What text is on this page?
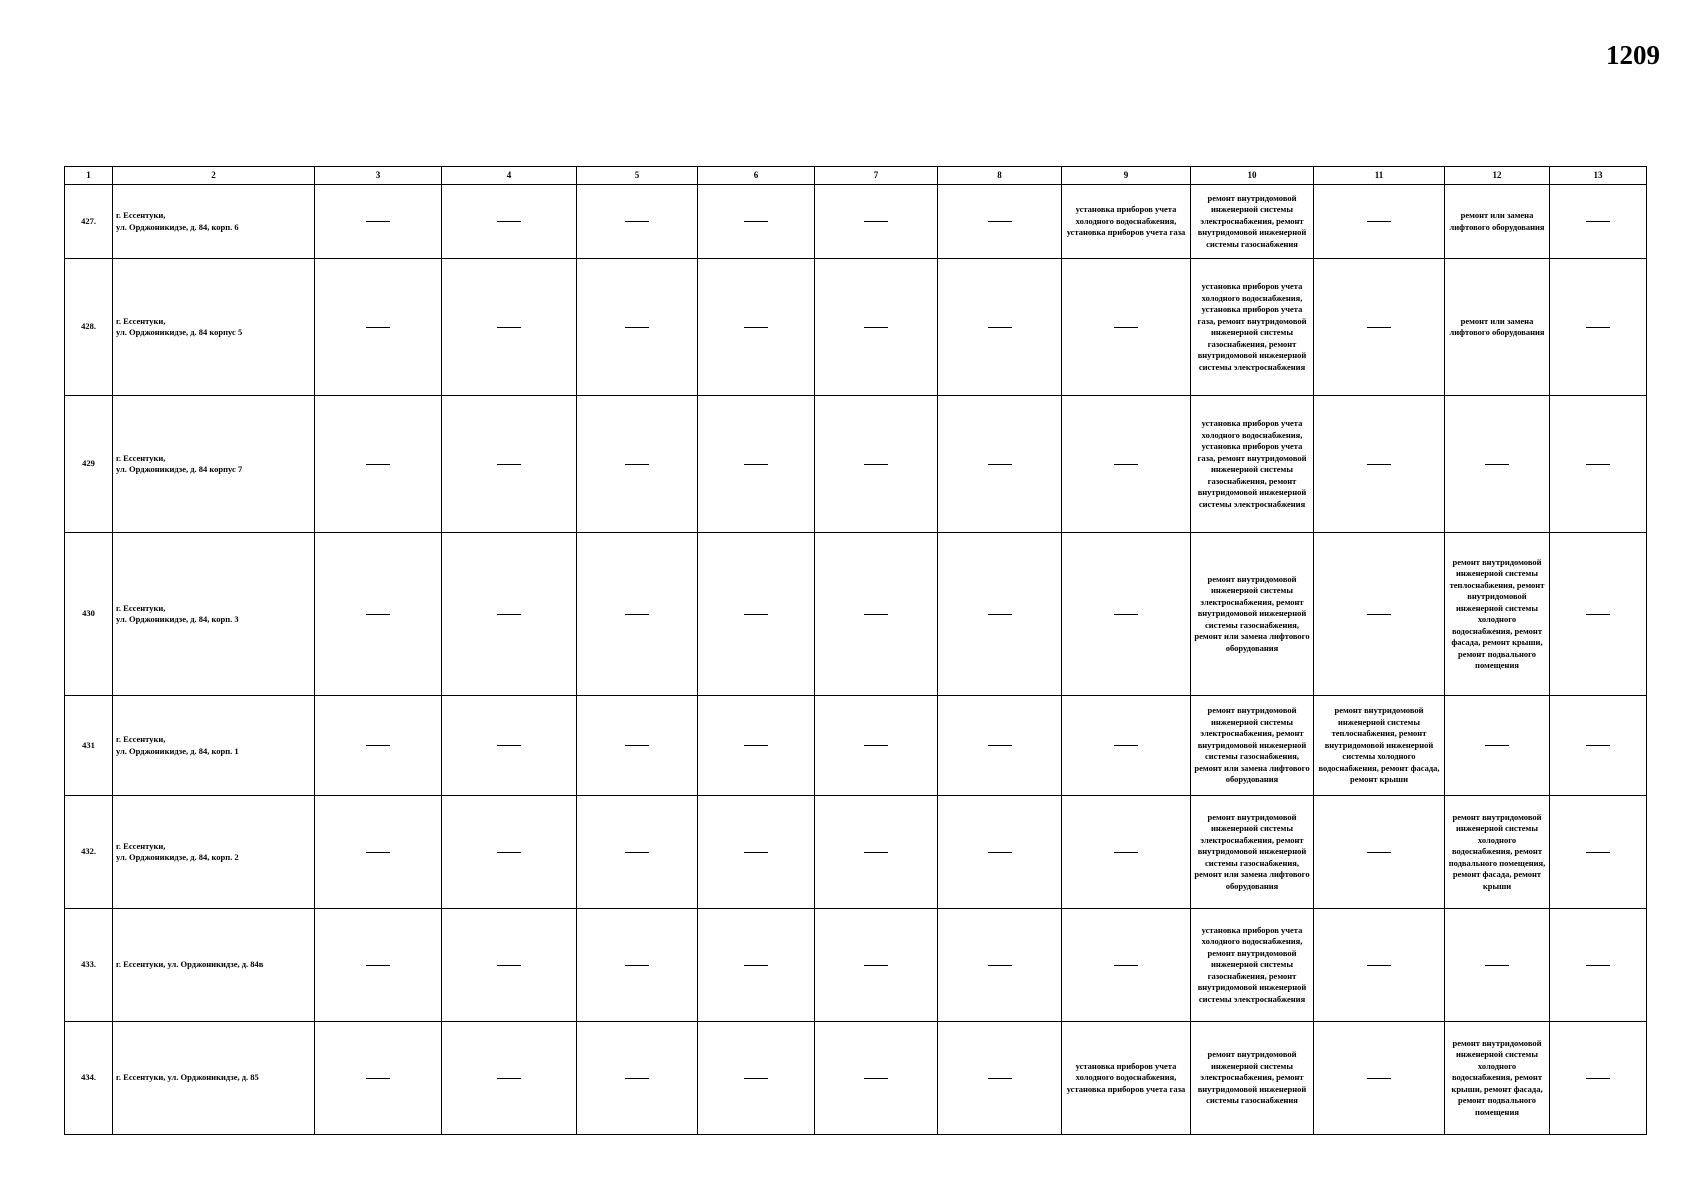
1209
1	2	3	4	5	6	7	8	9	10	11	12	13
427.	г. Ессентуки,
ул. Орджоникидзе, д. 84, корп. 6							установка приборов учета холодного водоснабжения, установка приборов учета газа	ремонт внутридомовой инженерной системы электроснабжения, ремонт внутридомовой инженерной системы газоснабжения		ремонт или замена лифтового оборудования	
428.	г. Ессентуки,
ул. Орджоникидзе, д. 84 корпус 5								установка приборов учета холодного водоснабжения, установка приборов учета газа, ремонт внутридомовой инженерной системы газоснабжения, ремонт внутридомовой инженерной системы электроснабжения		ремонт или замена лифтового оборудования	
429	г. Ессентуки,
ул. Орджоникидзе, д. 84 корпус 7								установка приборов учета холодного водоснабжения, установка приборов учета газа, ремонт внутридомовой инженерной системы газоснабжения, ремонт внутридомовой инженерной системы электроснабжения			
430	г. Ессентуки,
ул. Орджоникидзе, д. 84, корп. 3								ремонт внутридомовой инженерной системы электроснабжения, ремонт внутридомовой инженерной системы газоснабжения, ремонт или замена лифтового оборудования		ремонт внутридомовой инженерной системы теплоснабжения, ремонт внутридомовой инженерной системы холодного водоснабжения, ремонт фасада, ремонт крыши, ремонт подвального помещения	
431	г. Ессентуки,
ул. Орджоникидзе, д. 84, корп. 1								ремонт внутридомовой инженерной системы электроснабжения, ремонт внутридомовой инженерной системы газоснабжения, ремонт или замена лифтового оборудования	ремонт внутридомовой инженерной системы теплоснабжения, ремонт внутридомовой инженерной системы холодного водоснабжения, ремонт фасада, ремонт крыши		
432.	г. Ессентуки,
ул. Орджоникидзе, д. 84, корп. 2								ремонт внутридомовой инженерной системы электроснабжения, ремонт внутридомовой инженерной системы газоснабжения, ремонт или замена лифтового оборудования		ремонт внутридомовой инженерной системы холодного водоснабжения, ремонт подвального помещения, ремонт фасада, ремонт крыши	
433.	г. Ессентуки, ул. Орджоникидзе, д. 84в								установка приборов учета холодного водоснабжения, ремонт внутридомовой инженерной системы газоснабжения, ремонт внутридомовой инженерной системы электроснабжения			
434.	г. Ессентуки, ул. Орджоникидзе, д. 85							установка приборов учета холодного водоснабжения, установка приборов учета газа	ремонт внутридомовой инженерной системы электроснабжения, ремонт внутридомовой инженерной системы газоснабжения		ремонт внутридомовой инженерной системы холодного водоснабжения, ремонт крыши, ремонт фасада, ремонт подвального помещения	
